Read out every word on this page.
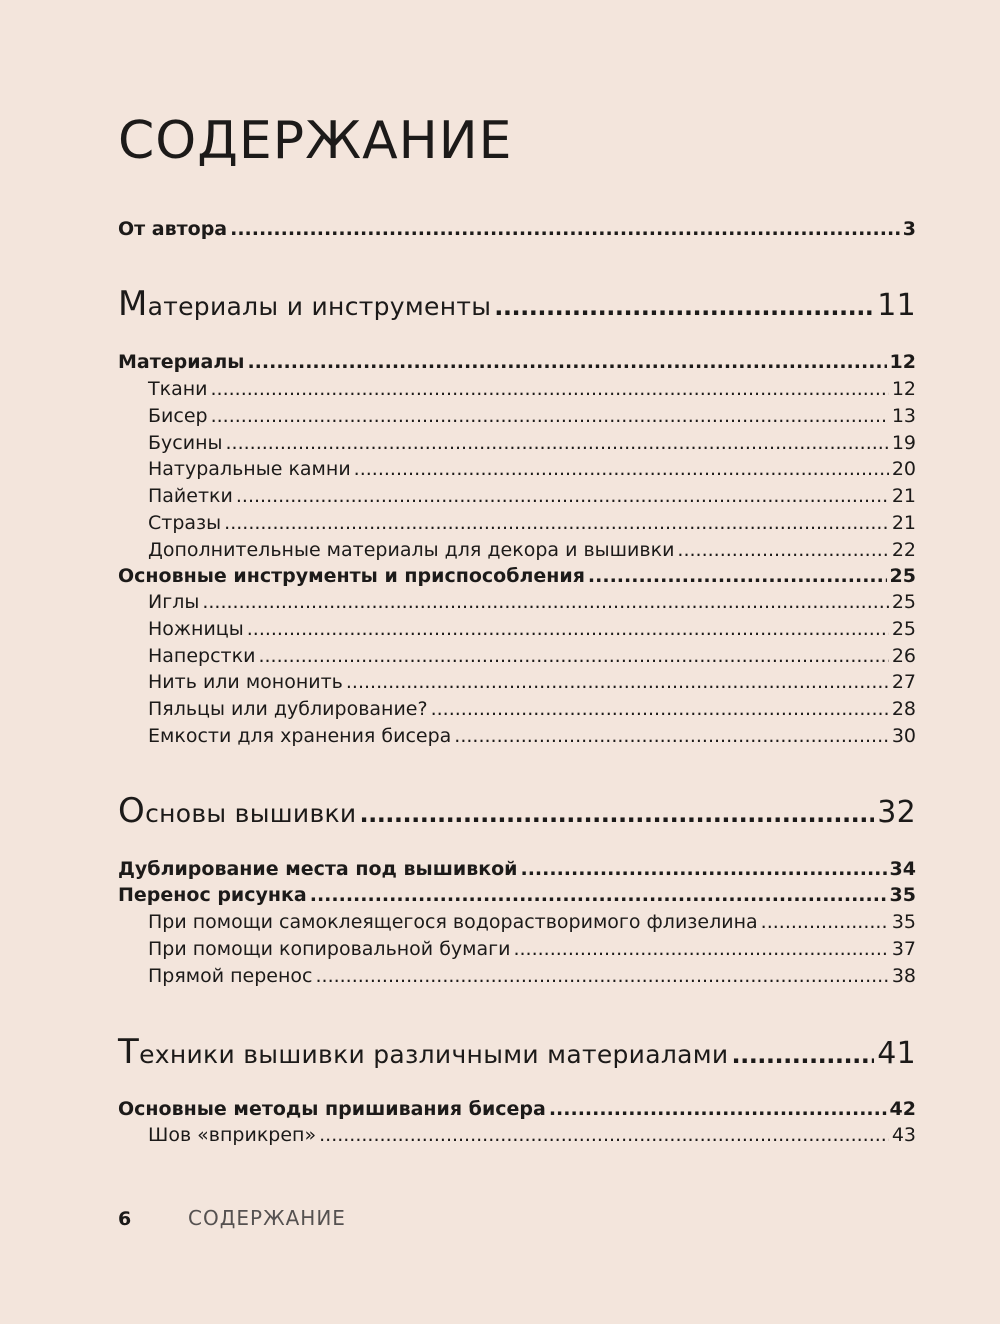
СОДЕРЖАНИЕ
От автора .....	3
Материалы и инструменты .....	11
Материалы .....	12
Ткани .....	12
Бисер .....	13
Бусины .....	19
Натуральные камни .....	20
Пайетки .....	21
Стразы .....	21
Дополнительные материалы для декора и вышивки .....	22
Основные инструменты и приспособления .....	25
Иглы .....	25
Ножницы .....	25
Наперстки .....	26
Нить или мононить .....	27
Пяльцы или дублирование? .....	28
Емкости для хранения бисера .....	30
Основы вышивки .....	32
Дублирование места под вышивкой .....	34
Перенос рисунка .....	35
При помощи самоклеящегося водорастворимого флизелина .....	35
При помощи копировальной бумаги .....	37
Прямой перенос .....	38
Техники вышивки различными материалами .....	41
Основные методы пришивания бисера .....	42
Шов «вприкреп» .....	43
6	СОДЕРЖАНИЕ
